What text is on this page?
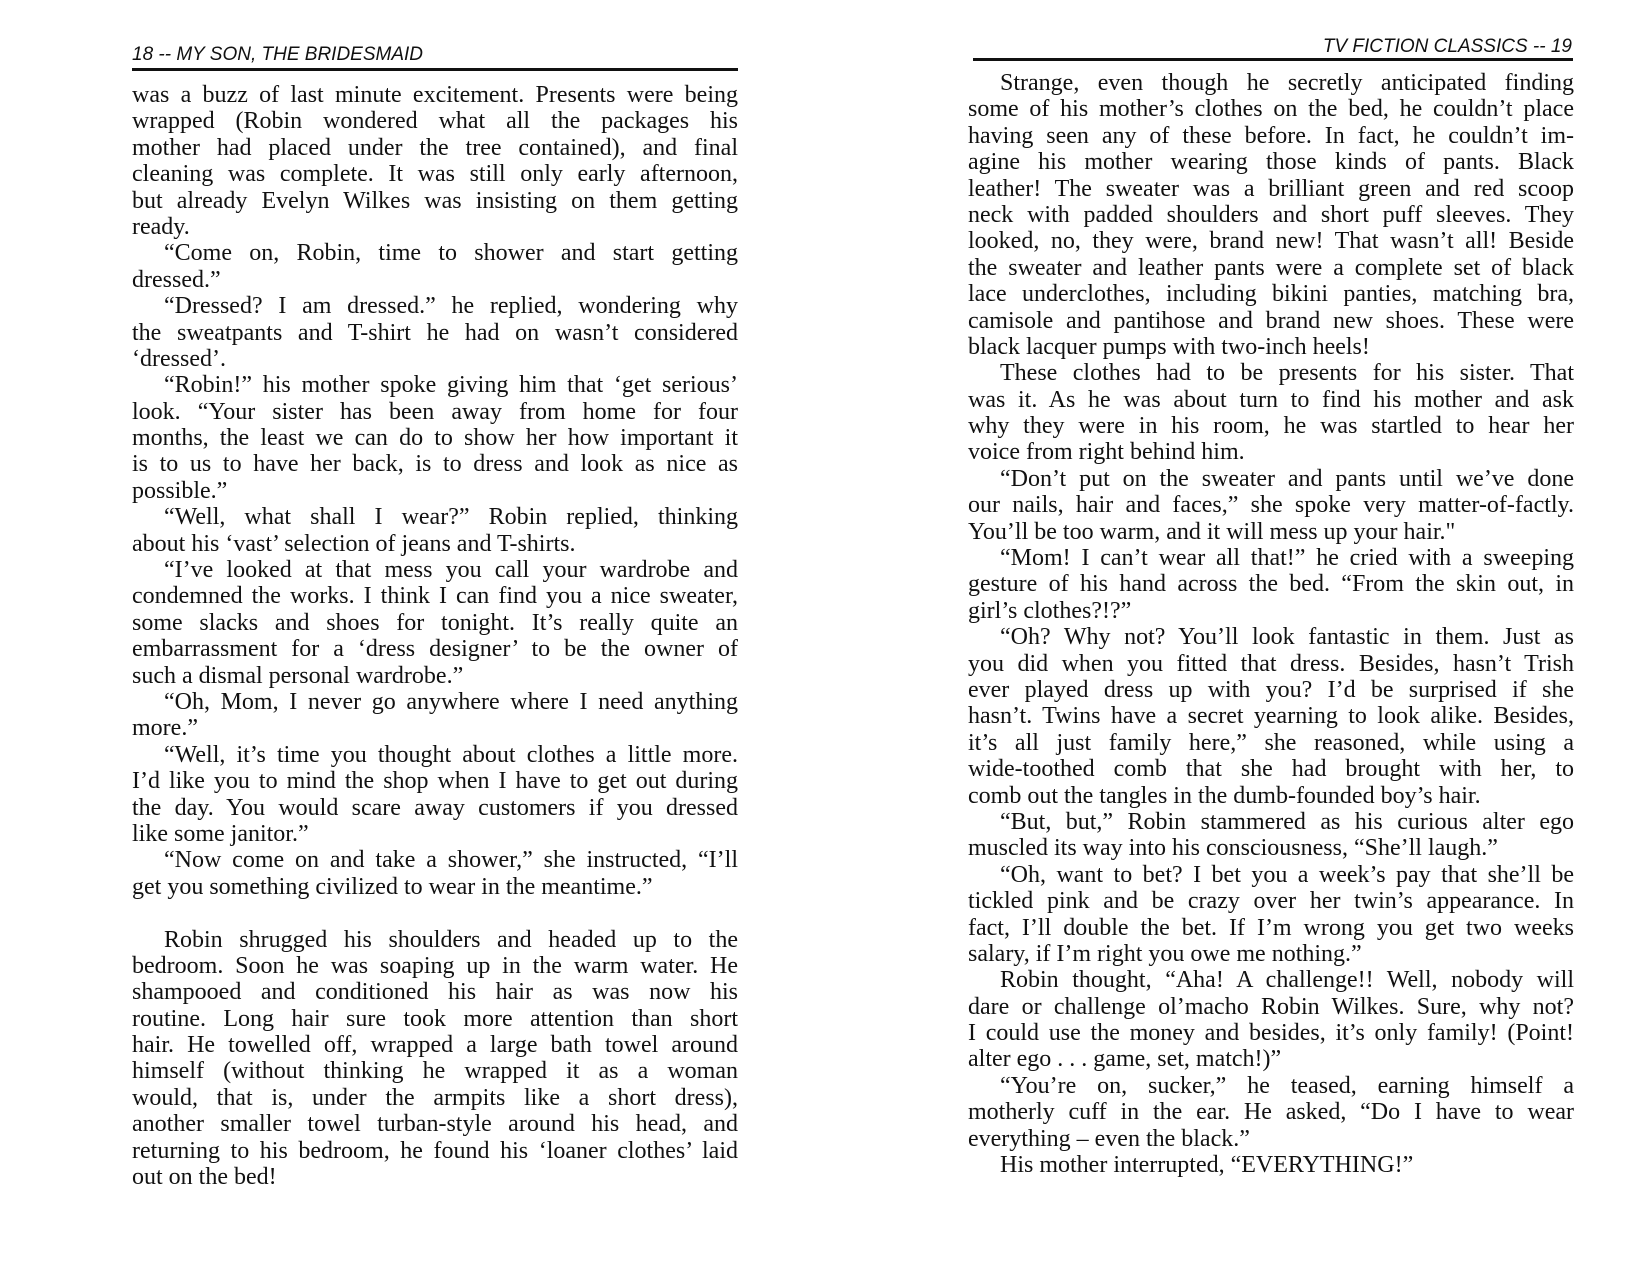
18 -- MY SON, THE BRIDESMAID
was a buzz of last minute excitement. Presents were being
wrapped (Robin wondered what all the packages his
mother had placed under the tree contained), and final
cleaning was complete. It was still only early afternoon,
but already Evelyn Wilkes was insisting on them getting
ready.
“Come on, Robin, time to shower and start getting
dressed.”
“Dressed? I am dressed.” he replied, wondering why
the sweatpants and T-shirt he had on wasn’t considered
‘dressed’.
“Robin!” his mother spoke giving him that ‘get serious’
look. “Your sister has been away from home for four
months, the least we can do to show her how important it
is to us to have her back, is to dress and look as nice as
possible.”
“Well, what shall I wear?” Robin replied, thinking
about his ‘vast’ selection of jeans and T-shirts.
“I’ve looked at that mess you call your wardrobe and
condemned the works. I think I can find you a nice sweater,
some slacks and shoes for tonight. It’s really quite an
embarrassment for a ‘dress designer’ to be the owner of
such a dismal personal wardrobe.”
“Oh, Mom, I never go anywhere where I need anything
more.”
“Well, it’s time you thought about clothes a little more.
I’d like you to mind the shop when I have to get out during
the day. You would scare away customers if you dressed
like some janitor.”
“Now come on and take a shower,” she instructed, “I’ll
get you something civilized to wear in the meantime.”
Robin shrugged his shoulders and headed up to the
bedroom. Soon he was soaping up in the warm water. He
shampooed and conditioned his hair as was now his
routine. Long hair sure took more attention than short
hair. He towelled off, wrapped a large bath towel around
himself (without thinking he wrapped it as a woman
would, that is, under the armpits like a short dress),
another smaller towel turban-style around his head, and
returning to his bedroom, he found his ‘loaner clothes’ laid
out on the bed!
TV FICTION CLASSICS -- 19
Strange, even though he secretly anticipated finding
some of his mother’s clothes on the bed, he couldn’t place
having seen any of these before. In fact, he couldn’t im-
agine his mother wearing those kinds of pants. Black
leather! The sweater was a brilliant green and red scoop
neck with padded shoulders and short puff sleeves. They
looked, no, they were, brand new! That wasn’t all! Beside
the sweater and leather pants were a complete set of black
lace underclothes, including bikini panties, matching bra,
camisole and pantihose and brand new shoes. These were
black lacquer pumps with two-inch heels!
These clothes had to be presents for his sister. That
was it. As he was about turn to find his mother and ask
why they were in his room, he was startled to hear her
voice from right behind him.
“Don’t put on the sweater and pants until we’ve done
our nails, hair and faces,” she spoke very matter-of-factly.
You’ll be too warm, and it will mess up your hair."
“Mom! I can’t wear all that!” he cried with a sweeping
gesture of his hand across the bed. “From the skin out, in
girl’s clothes?!?”
“Oh? Why not? You’ll look fantastic in them. Just as
you did when you fitted that dress. Besides, hasn’t Trish
ever played dress up with you? I’d be surprised if she
hasn’t. Twins have a secret yearning to look alike. Besides,
it’s all just family here,” she reasoned, while using a
wide-toothed comb that she had brought with her, to
comb out the tangles in the dumb-founded boy’s hair.
“But, but,” Robin stammered as his curious alter ego
muscled its way into his consciousness, “She’ll laugh.”
“Oh, want to bet? I bet you a week’s pay that she’ll be
tickled pink and be crazy over her twin’s appearance. In
fact, I’ll double the bet. If I’m wrong you get two weeks
salary, if I’m right you owe me nothing.”
Robin thought, “Aha! A challenge!! Well, nobody will
dare or challenge ol’macho Robin Wilkes. Sure, why not?
I could use the money and besides, it’s only family! (Point!
alter ego . . . game, set, match!)”
“You’re on, sucker,” he teased, earning himself a
motherly cuff in the ear. He asked, “Do I have to wear
everything – even the black.”
His mother interrupted, “EVERYTHING!”
